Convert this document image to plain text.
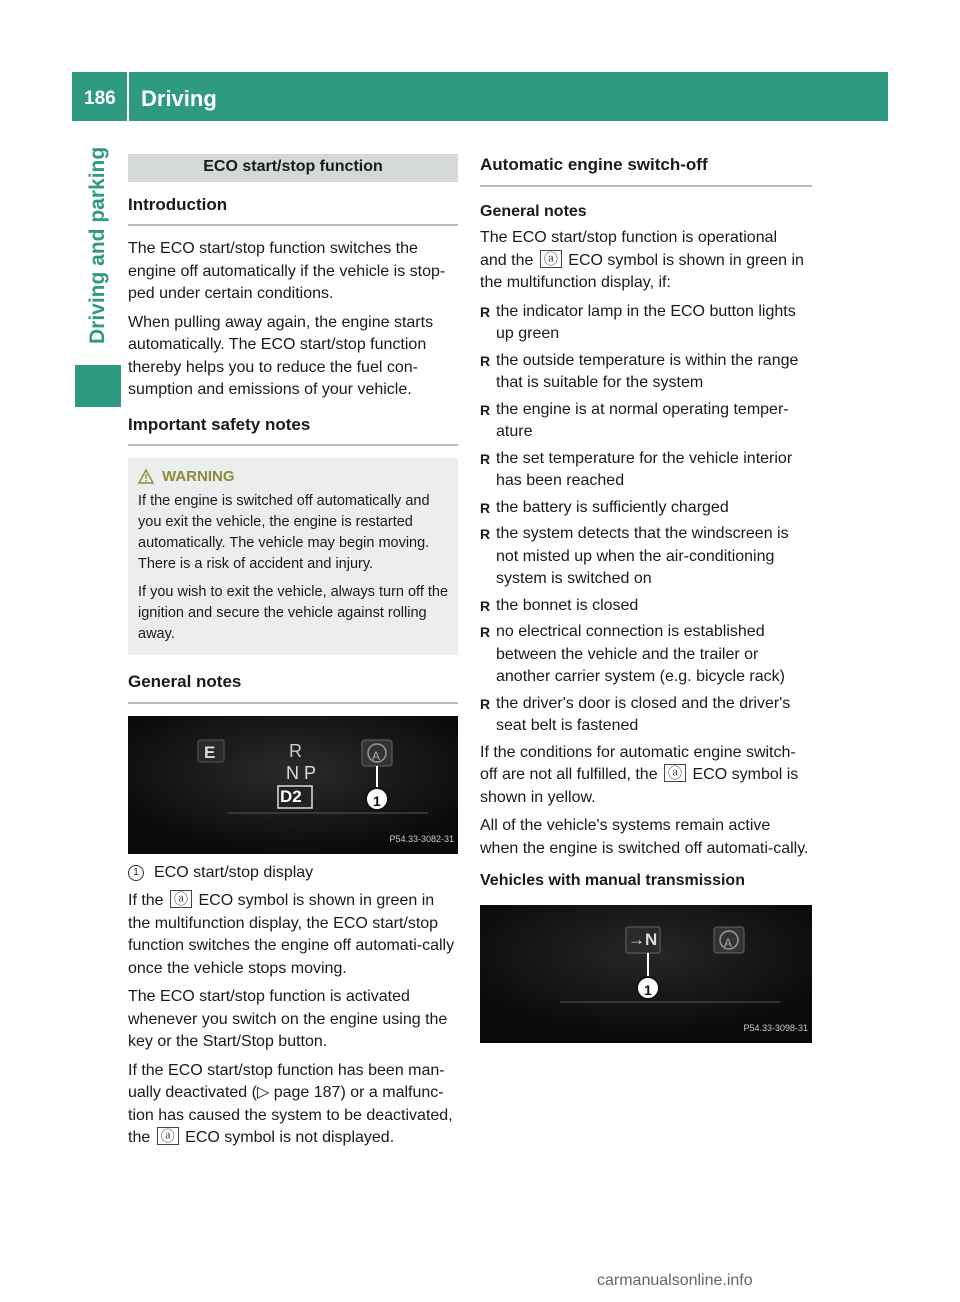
186	Driving
Driving and parking	ECO start/stop function
Introduction

The ECO start/stop function switches the engine off automatically if the vehicle is stop-ped under certain conditions.

When pulling away again, the engine starts automatically. The ECO start/stop function thereby helps you to reduce the fuel con-sumption and emissions of your vehicle.

Important safety notes
WARNING

If the engine is switched off automatically and you exit the vehicle, the engine is restarted automatically. The vehicle may begin moving. There is a risk of accident and injury.

If you wish to exit the vehicle, always turn off the ignition and secure the vehicle against rolling away.

General notes
E	R
N P
D2
A
1
P54.33-3082-31
1 ECO start/stop display

If the ⓐ ECO symbol is shown in green in the multifunction display, the ECO start/stop function switches the engine off automati-cally once the vehicle stops moving.

The ECO start/stop function is activated whenever you switch on the engine using the key or the Start/Stop button.

If the ECO start/stop function has been man-ually deactivated (▷ page 187) or a malfunc-tion has caused the system to be deactivated, the ⓐ ECO symbol is not displayed.

Automatic engine switch-off
General notes

The ECO start/stop function is operational

and the ⓐ ECO symbol is shown in green in the multifunction display, if:

R the indicator lamp in the ECO button lights up green
R the outside temperature is within the range that is suitable for the system
R the engine is at normal operating temper-ature
R the set temperature for the vehicle interior has been reached
R the battery is sufficiently charged
R the system detects that the windscreen is not misted up when the air-conditioning system is switched on
R the bonnet is closed
R no electrical connection is established between the vehicle and the trailer or another carrier system (e.g. bicycle rack)
R the driver's door is closed and the driver's seat belt is fastened

If the conditions for automatic engine switch-off are not all fulfilled, the ⓐ ECO symbol is shown in yellow.

All of the vehicle's systems remain active when the engine is switched off automati-cally.

Vehicles with manual transmission
→N	A
1
P54.33-3098-31
carmanualsonline.info
